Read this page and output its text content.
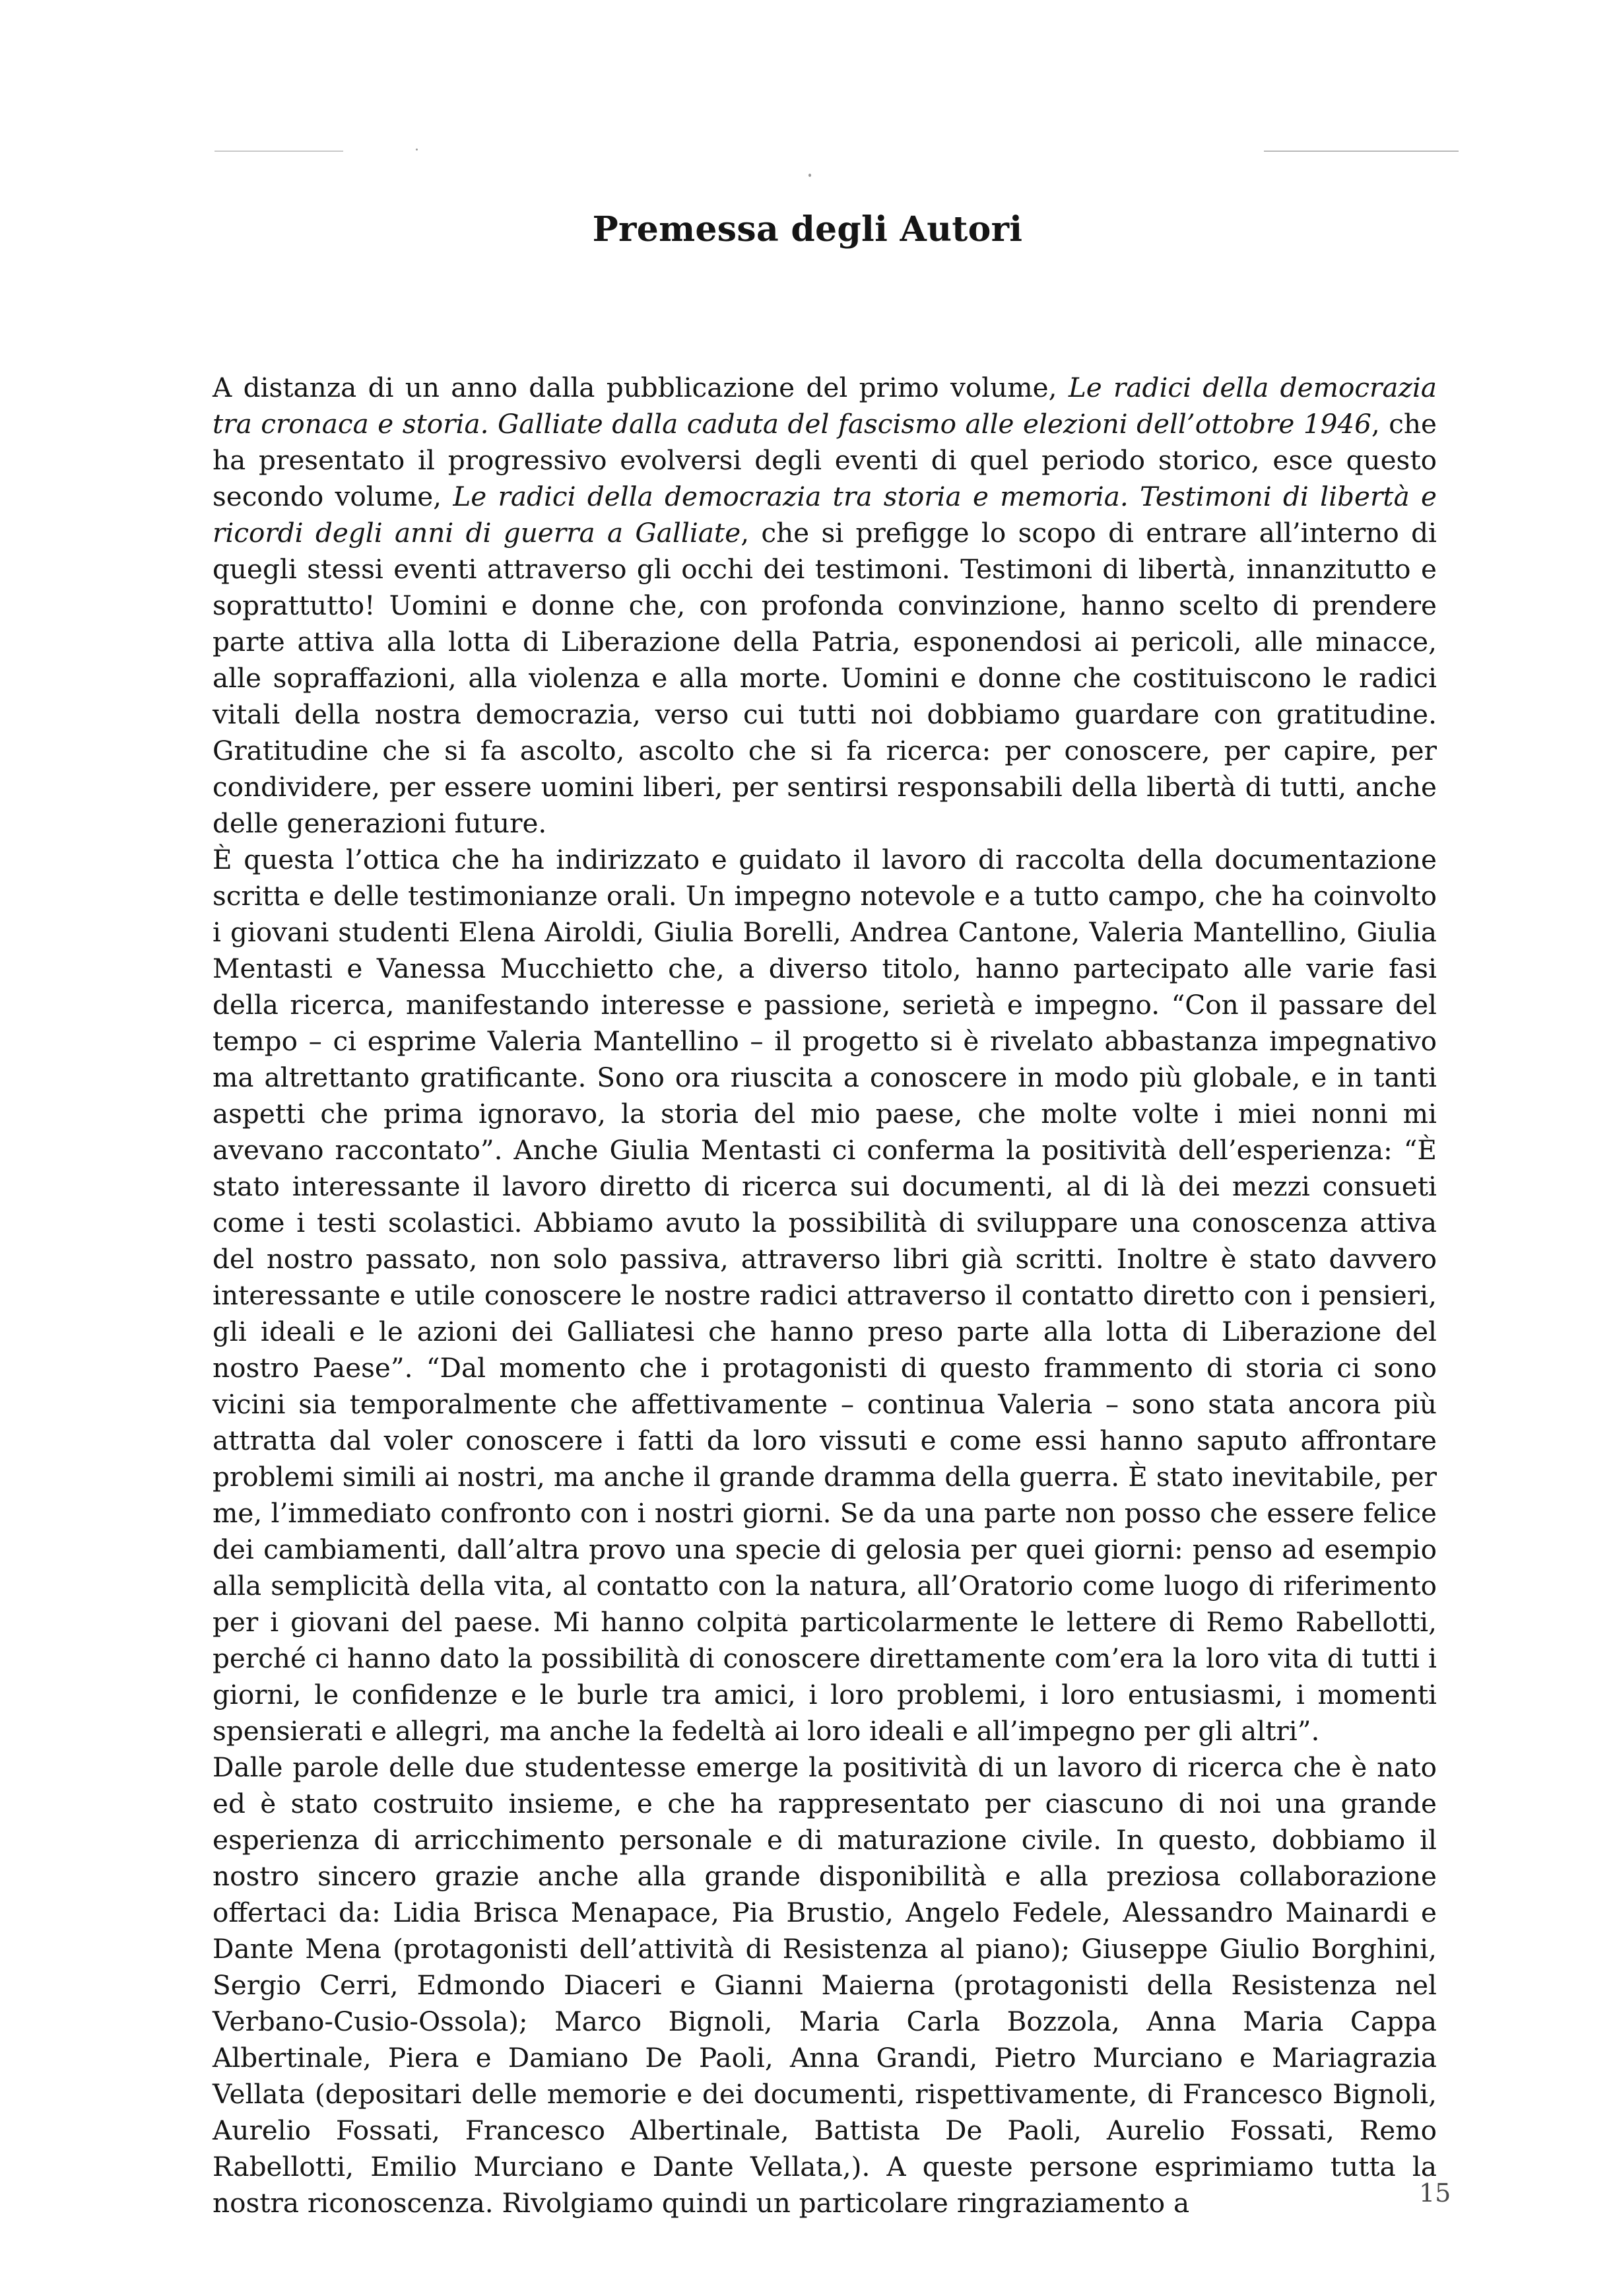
Premessa degli Autori

A distanza di un anno dalla pubblicazione del primo volume, Le radici della democrazia tra cronaca e storia. Galliate dalla caduta del fascismo alle elezioni dell’ottobre 1946, che ha presentato il progressivo evolversi degli eventi di quel periodo storico, esce questo secondo volume, Le radici della democrazia tra storia e memoria. Testimoni di libertà e ricordi degli anni di guerra a Galliate, che si prefigge lo scopo di entrare all’interno di quegli stessi eventi attraverso gli occhi dei testimoni. Testimoni di libertà, innanzitutto e soprattutto! Uomini e donne che, con profonda convinzione, hanno scelto di prendere parte attiva alla lotta di Liberazione della Patria, esponendosi ai pericoli, alle minacce, alle sopraffazioni, alla violenza e alla morte. Uomini e donne che costituiscono le radici vitali della nostra democrazia, verso cui tutti noi dobbiamo guardare con gratitudine. Gratitudine che si fa ascolto, ascolto che si fa ricerca: per conoscere, per capire, per condividere, per essere uomini liberi, per sentirsi responsabili della libertà di tutti, anche delle generazioni future.

È questa l’ottica che ha indirizzato e guidato il lavoro di raccolta della documentazione scritta e delle testimonianze orali. Un impegno notevole e a tutto campo, che ha coinvolto i giovani studenti Elena Airoldi, Giulia Borelli, Andrea Cantone, Valeria Mantellino, Giulia Mentasti e Vanessa Mucchietto che, a diverso titolo, hanno partecipato alle varie fasi della ricerca, manifestando interesse e passione, serietà e impegno. “Con il passare del tempo – ci esprime Valeria Mantellino – il progetto si è rivelato abbastanza impegnativo ma altrettanto gratificante. Sono ora riuscita a conoscere in modo più globale, e in tanti aspetti che prima ignoravo, la storia del mio paese, che molte volte i miei nonni mi avevano raccontato”. Anche Giulia Mentasti ci conferma la positività dell’esperienza: “È stato interessante il lavoro diretto di ricerca sui documenti, al di là dei mezzi consueti come i testi scolastici. Abbiamo avuto la possibilità di sviluppare una conoscenza attiva del nostro passato, non solo passiva, attraverso libri già scritti. Inoltre è stato davvero interessante e utile conoscere le nostre radici attraverso il contatto diretto con i pensieri, gli ideali e le azioni dei Galliatesi che hanno preso parte alla lotta di Liberazione del nostro Paese”. “Dal momento che i protagonisti di questo frammento di storia ci sono vicini sia temporalmente che affettivamente – continua Valeria – sono stata ancora più attratta dal voler conoscere i fatti da loro vissuti e come essi hanno saputo affrontare problemi simili ai nostri, ma anche il grande dramma della guerra. È stato inevitabile, per me, l’immediato confronto con i nostri giorni. Se da una parte non posso che essere felice dei cambiamenti, dall’altra provo una specie di gelosia per quei giorni: penso ad esempio alla semplicità della vita, al contatto con la natura, all’Oratorio come luogo di riferimento per i giovani del paese. Mi hanno colpita particolarmente le lettere di Remo Rabellotti, perché ci hanno dato la possibilità di conoscere direttamente com’era la loro vita di tutti i giorni, le confidenze e le burle tra amici, i loro problemi, i loro entusiasmi, i momenti spensierati e allegri, ma anche la fedeltà ai loro ideali e all’impegno per gli altri”.

Dalle parole delle due studentesse emerge la positività di un lavoro di ricerca che è nato ed è stato costruito insieme, e che ha rappresentato per ciascuno di noi una grande esperienza di arricchimento personale e di maturazione civile. In questo, dobbiamo il nostro sincero grazie anche alla grande disponibilità e alla preziosa collaborazione offertaci da: Lidia Brisca Menapace, Pia Brustio, Angelo Fedele, Alessandro Mainardi e Dante Mena (protagonisti dell’attività di Resistenza al piano); Giuseppe Giulio Borghini, Sergio Cerri, Edmondo Diaceri e Gianni Maierna (protagonisti della Resistenza nel Verbano-Cusio-Ossola); Marco Bignoli, Maria Carla Bozzola, Anna Maria Cappa Albertinale, Piera e Damiano De Paoli, Anna Grandi, Pietro Murciano e Mariagrazia Vellata (depositari delle memorie e dei documenti, rispettivamente, di Francesco Bignoli, Aurelio Fossati, Francesco Albertinale, Battista De Paoli, Aurelio Fossati, Remo Rabellotti, Emilio Murciano e Dante Vellata,). A queste persone esprimiamo tutta la nostra riconoscenza. Rivolgiamo quindi un particolare ringraziamento a	15
